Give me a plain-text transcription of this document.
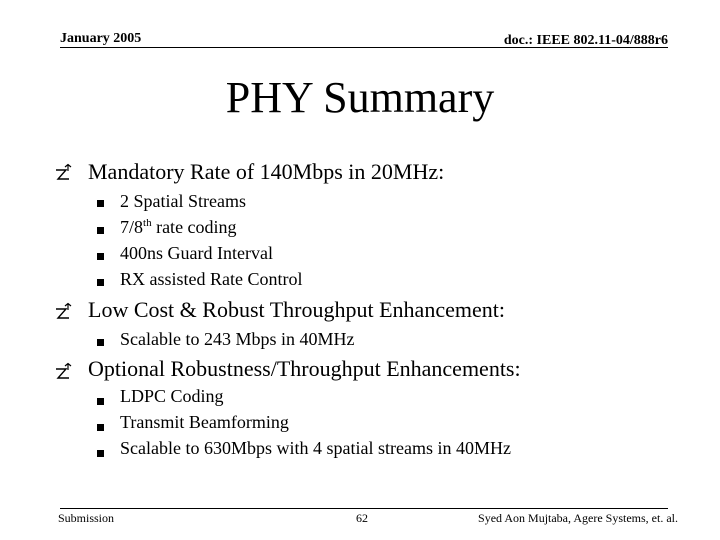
January 2005	doc.: IEEE 802.11-04/888r6
PHY Summary
Mandatory Rate of 140Mbps in 20MHz:
2 Spatial Streams
7/8th rate coding
400ns Guard Interval
RX assisted Rate Control
Low Cost & Robust Throughput Enhancement:
Scalable to 243 Mbps in 40MHz
Optional Robustness/Throughput Enhancements:
LDPC Coding
Transmit Beamforming
Scalable to 630Mbps with 4 spatial streams in 40MHz
Submission	62	Syed Aon Mujtaba, Agere Systems, et. al.
